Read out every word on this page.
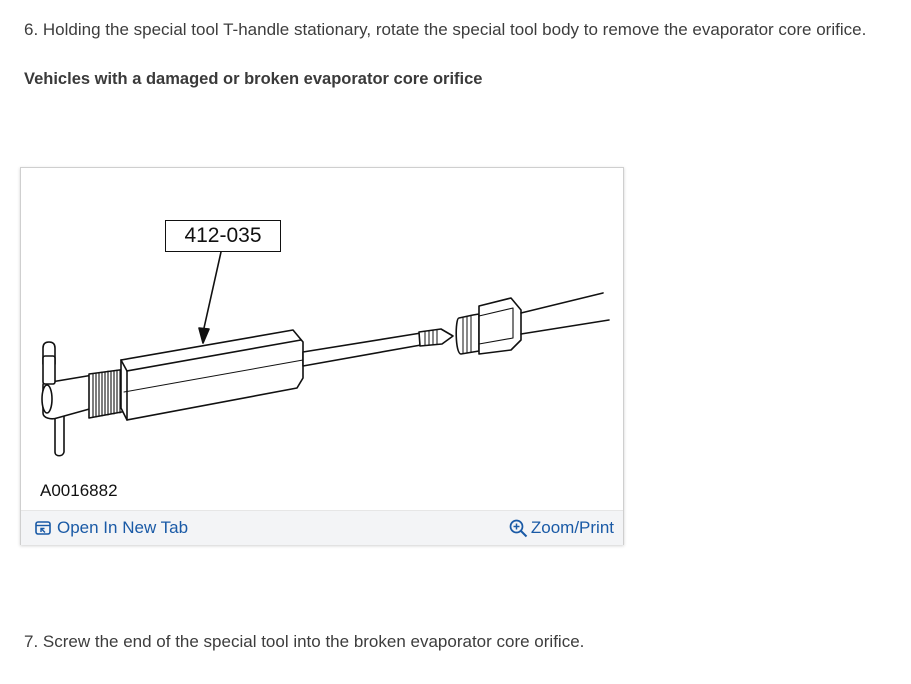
6. Holding the special tool T-handle stationary, rotate the special tool body to remove the evaporator core orifice.
Vehicles with a damaged or broken evaporator core orifice
412-035
A0016882
Open In New Tab	Zoom/Print
7. Screw the end of the special tool into the broken evaporator core orifice.
